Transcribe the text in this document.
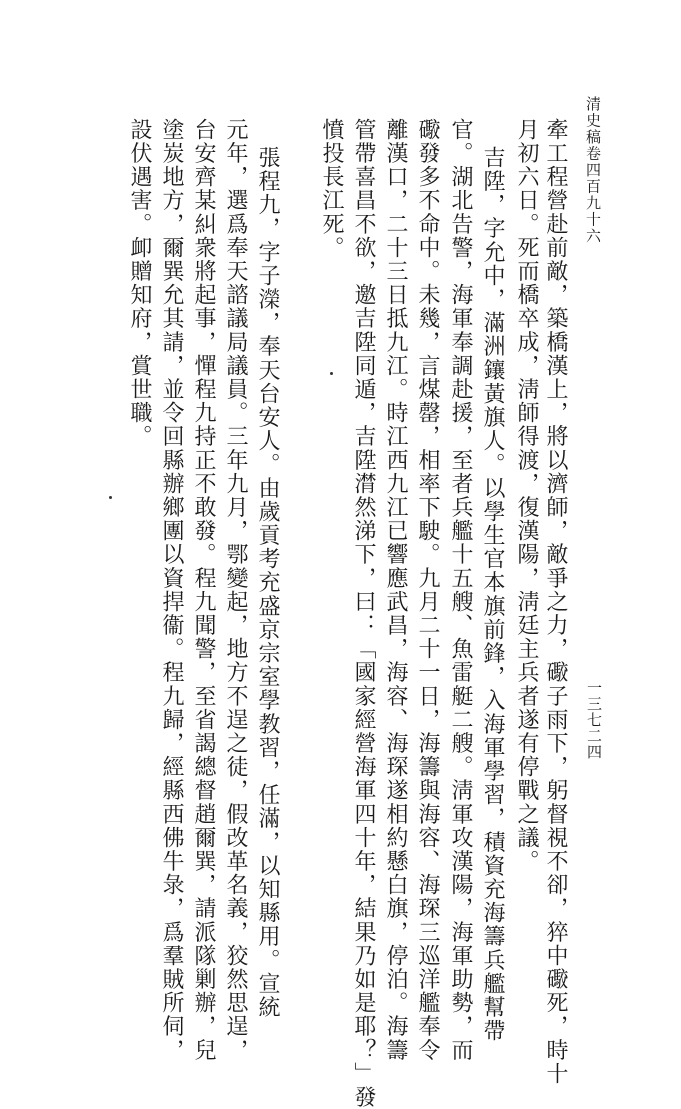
清史稿卷四百九十六
一三七二四
牽工程營赴前敵，築橋漢上，將以濟師，敵爭之力，礮子雨下，躬督視不卻，猝中礮死，時十
月初六日。死而橋卒成，淸師得渡，復漢陽，淸廷主兵者遂有停戰之議。
吉陞，字允中，滿洲鑲黃旗人。以學生官本旗前鋒，入海軍學習，積資充海籌兵艦幫帶
官。湖北告警，海軍奉調赴援，至者兵艦十五艘、魚雷艇二艘。淸軍攻漢陽，海軍助勢，而
礮發多不命中。未幾，言煤罄，相率下駛。九月二十一日，海籌與海容、海琛三巡洋艦奉令
離漢口，二十三日抵九江。時江西九江已響應武昌，海容、海琛遂相約懸白旗，停泊。海籌
管帶喜昌不欲，邀吉陞同遁，吉陞潸然涕下，曰：「國家經營海軍四十年，結果乃如是耶？」發
憤投長江死。
張程九，字子濚，奉天台安人。由歲貢考充盛京宗室學教習，任滿，以知縣用。宣統
元年，選爲奉天諮議局議員。三年九月，鄂變起，地方不逞之徒，假改革名義，狡然思逞，
台安齊某糾衆將起事，憚程九持正不敢發。程九聞警，至省謁總督趙爾巽，請派隊剿辦，兒
塗炭地方，爾巽允其請，並令回縣辦鄉團以資捍衞。程九歸，經縣西佛牛彔，爲羣賊所伺，
設伏遇害。卹贈知府，賞世職。
